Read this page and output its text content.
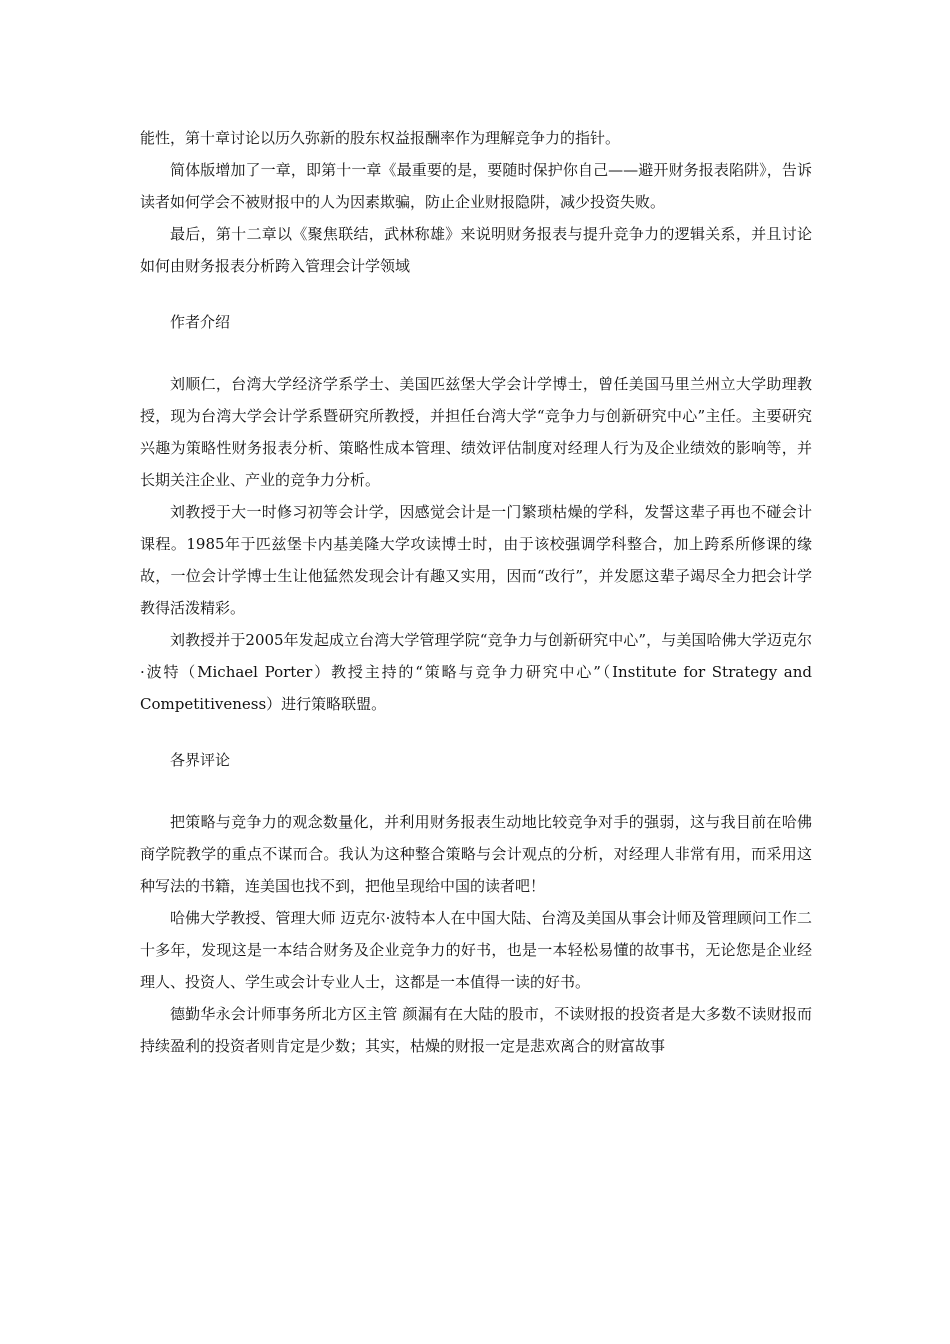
能性，第十章讨论以历久弥新的股东权益报酬率作为理解竞争力的指针。

简体版增加了一章，即第十一章《最重要的是，要随时保护你自己——避开财务报表陷阱》，告诉读者如何学会不被财报中的人为因素欺骗，防止企业财报隐阱，减少投资失败。

最后，第十二章以《聚焦联结，武林称雄》来说明财务报表与提升竞争力的逻辑关系，并且讨论如何由财务报表分析跨入管理会计学领域

作者介绍

刘顺仁，台湾大学经济学系学士、美国匹兹堡大学会计学博士，曾任美国马里兰州立大学助理教授，现为台湾大学会计学系暨研究所教授，并担任台湾大学“竞争力与创新研究中心”主任。主要研究兴趣为策略性财务报表分析、策略性成本管理、绩效评估制度对经理人行为及企业绩效的影响等，并长期关注企业、产业的竞争力分析。

刘教授于大一时修习初等会计学，因感觉会计是一门繁琐枯燥的学科，发誓这辈子再也不碰会计课程。1985年于匹兹堡卡内基美隆大学攻读博士时，由于该校强调学科整合，加上跨系所修课的缘故，一位会计学博士生让他猛然发现会计有趣又实用，因而“改行”，并发愿这辈子竭尽全力把会计学教得活泼精彩。

刘教授并于2005年发起成立台湾大学管理学院“竞争力与创新研究中心”，与美国哈佛大学迈克尔·波特（Michael Porter）教授主持的“策略与竞争力研究中心”（Institute for Strategy and Competitiveness）进行策略联盟。

各界评论

把策略与竞争力的观念数量化，并利用财务报表生动地比较竞争对手的强弱，这与我目前在哈佛商学院教学的重点不谋而合。我认为这种整合策略与会计观点的分析，对经理人非常有用，而采用这种写法的书籍，连美国也找不到，把他呈现给中国的读者吧！

哈佛大学教授、管理大师 迈克尔·波特本人在中国大陆、台湾及美国从事会计师及管理顾问工作二十多年，发现这是一本结合财务及企业竞争力的好书，也是一本轻松易懂的故事书，无论您是企业经理人、投资人、学生或会计专业人士，这都是一本值得一读的好书。

德勤华永会计师事务所北方区主管 颜漏有在大陆的股市，不读财报的投资者是大多数不读财报而持续盈利的投资者则肯定是少数；其实，枯燥的财报一定是悲欢离合的财富故事
